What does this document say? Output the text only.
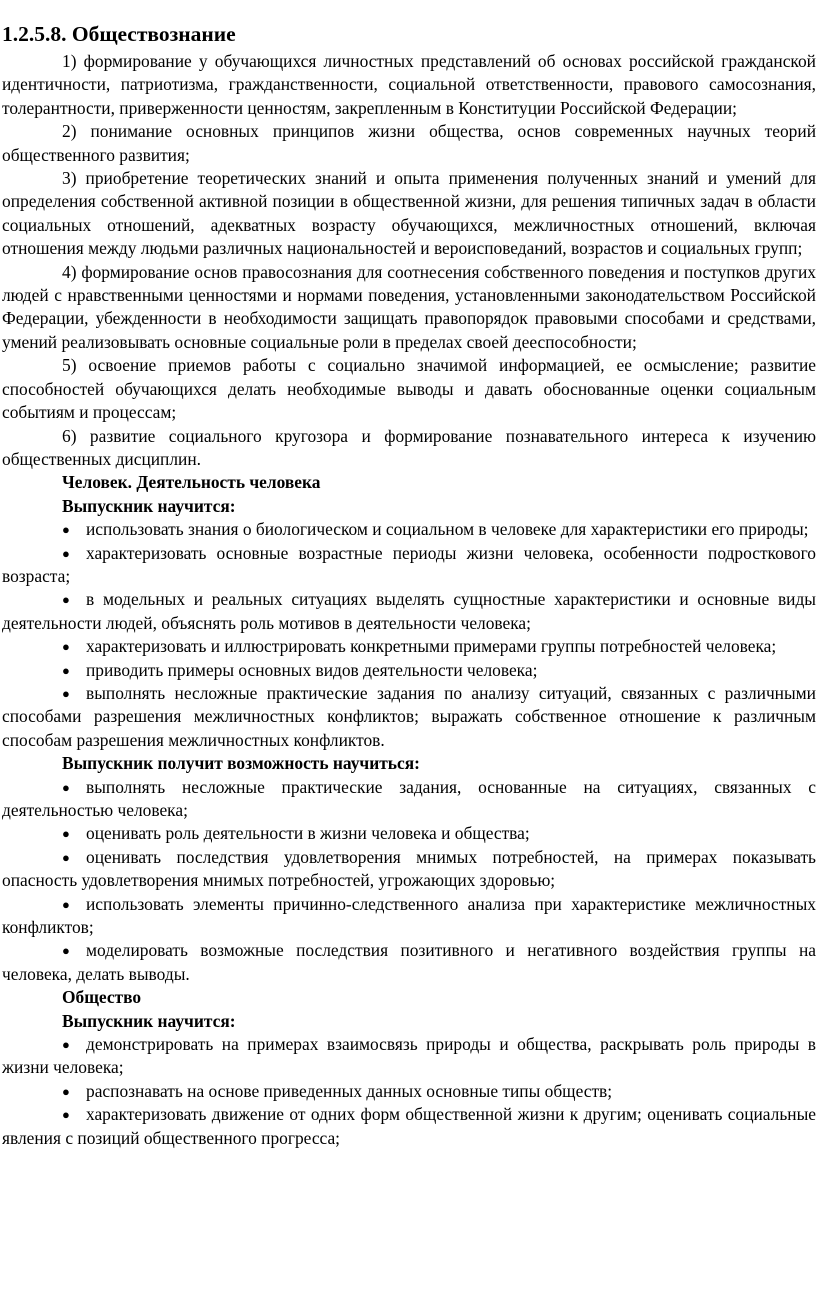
1.2.5.8. Обществознание

1) формирование у обучающихся личностных представлений об основах российской гражданской идентичности, патриотизма, гражданственности, социальной ответственности, правового самосознания, толерантности, приверженности ценностям, закрепленным в Конституции Российской Федерации;

2) понимание основных принципов жизни общества, основ современных научных теорий общественного развития;

3) приобретение теоретических знаний и опыта применения полученных знаний и умений для определения собственной активной позиции в общественной жизни, для решения типичных задач в области социальных отношений, адекватных возрасту обучающихся, межличностных отношений, включая отношения между людьми различных национальностей и вероисповеданий, возрастов и социальных групп;

4) формирование основ правосознания для соотнесения собственного поведения и поступков других людей с нравственными ценностями и нормами поведения, установленными законодательством Российской Федерации, убежденности в необходимости защищать правопорядок правовыми способами и средствами, умений реализовывать основные социальные роли в пределах своей дееспособности;

5) освоение приемов работы с социально значимой информацией, ее осмысление; развитие способностей обучающихся делать необходимые выводы и давать обоснованные оценки социальным событиям и процессам;

6) развитие социального кругозора и формирование познавательного интереса к изучению общественных дисциплин.

Человек. Деятельность человека
Выпускник научится:

● использовать знания о биологическом и социальном в человеке для характеристики его природы;

● характеризовать основные возрастные периоды жизни человека, особенности подросткового возраста;

● в модельных и реальных ситуациях выделять сущностные характеристики и основные виды деятельности людей, объяснять роль мотивов в деятельности человека;

● характеризовать и иллюстрировать конкретными примерами группы потребностей человека;

● приводить примеры основных видов деятельности человека;

● выполнять несложные практические задания по анализу ситуаций, связанных с различными способами разрешения межличностных конфликтов; выражать собственное отношение к различным способам разрешения межличностных конфликтов.

Выпускник получит возможность научиться:

● выполнять несложные практические задания, основанные на ситуациях, связанных с деятельностью человека;

● оценивать роль деятельности в жизни человека и общества;

● оценивать последствия удовлетворения мнимых потребностей, на примерах показывать опасность удовлетворения мнимых потребностей, угрожающих здоровью;

● использовать элементы причинно-следственного анализа при характеристике межличностных конфликтов;

● моделировать возможные последствия позитивного и негативного воздействия группы на человека, делать выводы.

Общество
Выпускник научится:

● демонстрировать на примерах взаимосвязь природы и общества, раскрывать роль природы в жизни человека;

● распознавать на основе приведенных данных основные типы обществ;

● характеризовать движение от одних форм общественной жизни к другим; оценивать социальные явления с позиций общественного прогресса;
